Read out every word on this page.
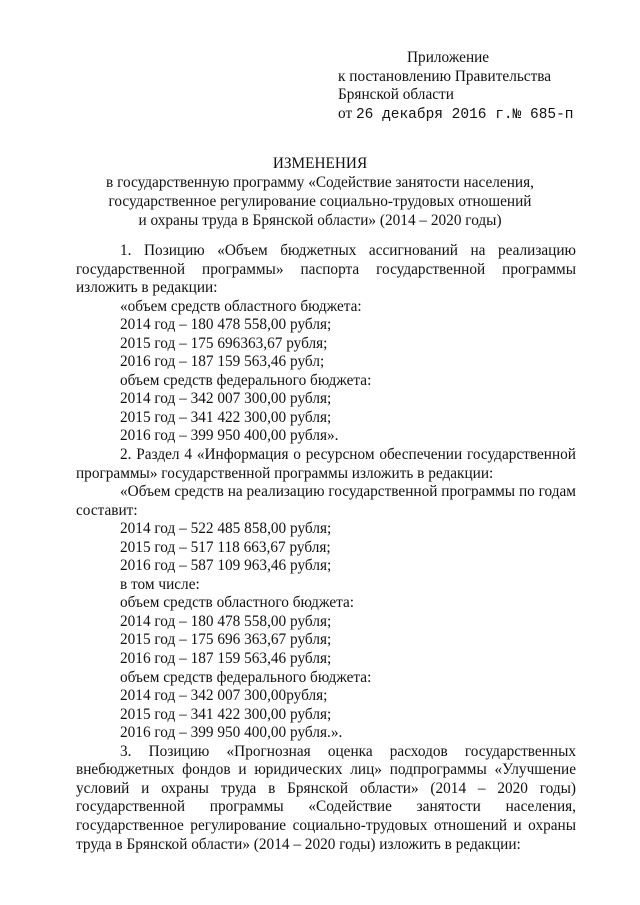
Приложение
к постановлению Правительства
Брянской области
от 26 декабря 2016 г.№ 685-п
ИЗМЕНЕНИЯ
в государственную программу «Содействие занятости населения,
государственное регулирование социально-трудовых отношений
и охраны труда в Брянской области» (2014 – 2020 годы)
1. Позицию «Объем бюджетных ассигнований на реализацию государственной программы» паспорта государственной программы изложить в редакции:
«объем средств областного бюджета:
2014 год – 180 478 558,00 рубля;
2015 год – 175 696363,67 рубля;
2016 год – 187 159 563,46 рубл;
объем средств федерального бюджета:
2014 год – 342 007 300,00 рубля;
2015 год – 341 422 300,00 рубля;
2016 год – 399 950 400,00 рубля».
2. Раздел 4 «Информация о ресурсном обеспечении государственной программы» государственной программы изложить в редакции:
«Объем средств на реализацию государственной программы по годам составит:
2014 год – 522 485 858,00 рубля;
2015 год – 517 118 663,67 рубля;
2016 год – 587 109 963,46 рубля;
в том числе:
объем средств областного бюджета:
2014 год – 180 478 558,00 рубля;
2015 год – 175 696 363,67 рубля;
2016 год – 187 159 563,46 рубля;
объем средств федерального бюджета:
2014 год – 342 007 300,00рубля;
2015 год – 341 422 300,00 рубля;
2016 год – 399 950 400,00 рубля.».
3. Позицию «Прогнозная оценка расходов государственных внебюджетных фондов и юридических лиц» подпрограммы «Улучшение условий и охраны труда в Брянской области» (2014 – 2020 годы) государственной программы «Содействие занятости населения, государственное регулирование социально-трудовых отношений и охраны труда в Брянской области» (2014 – 2020 годы) изложить в редакции:
